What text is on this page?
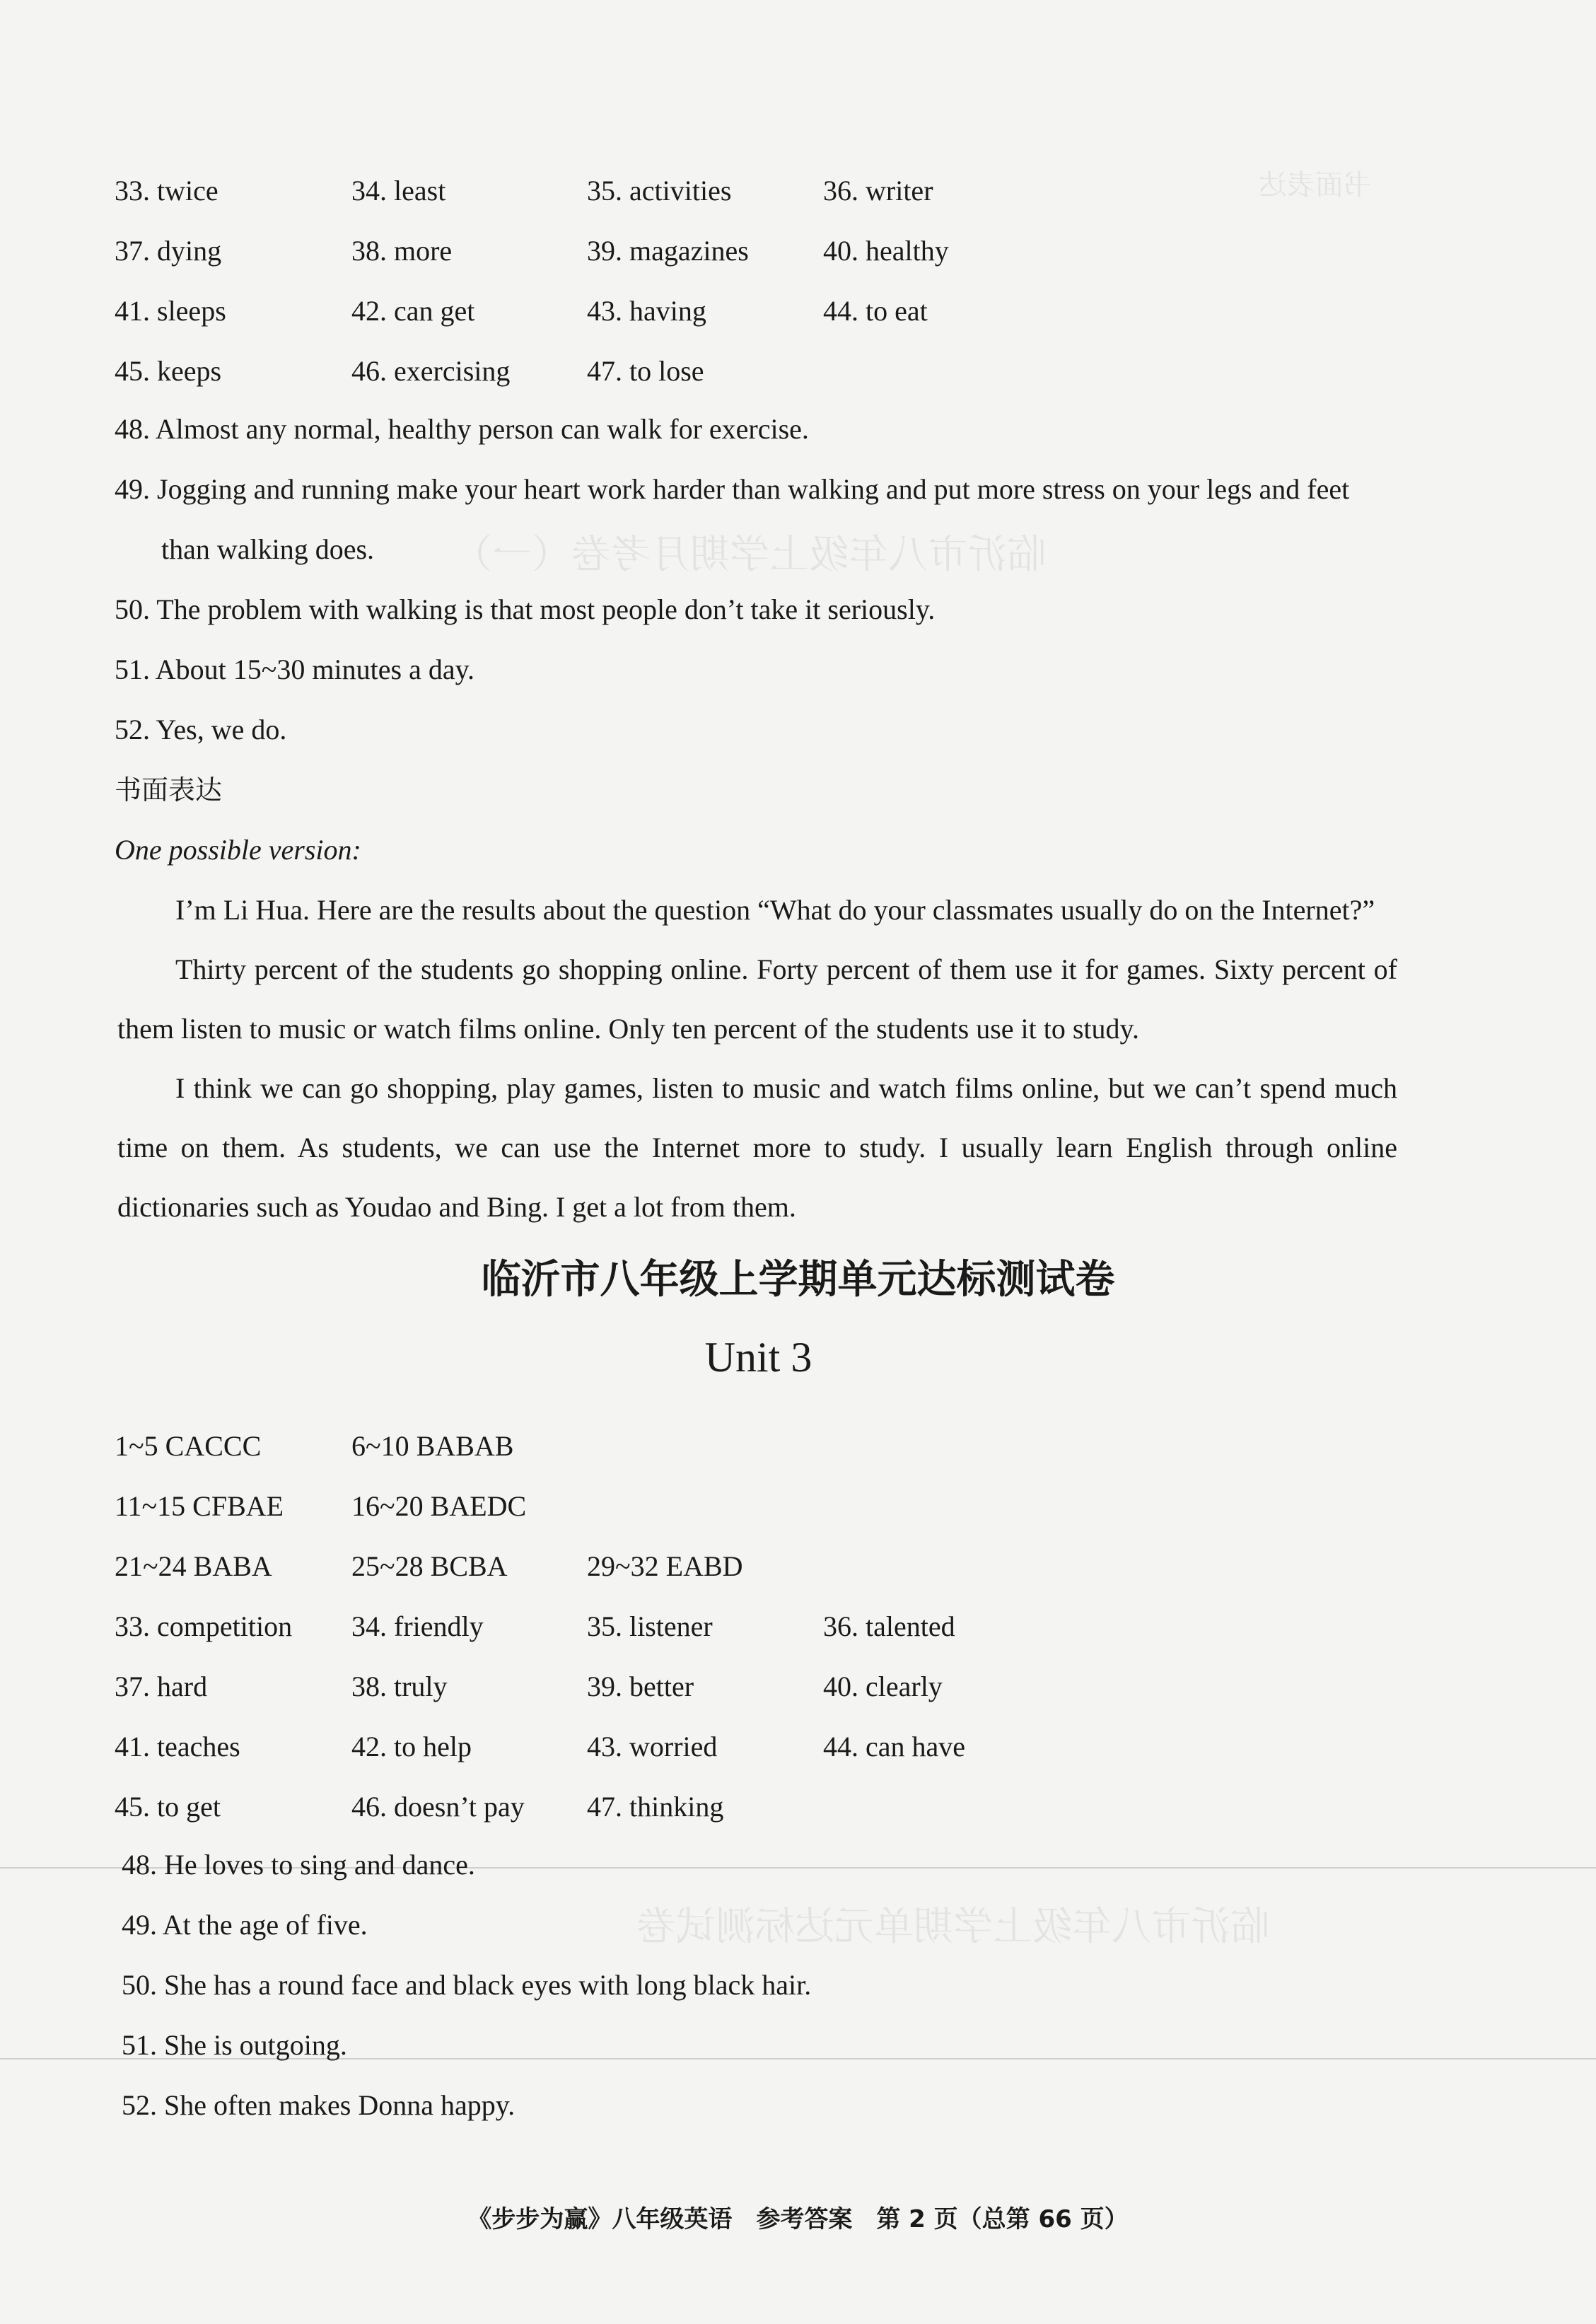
书面表达
临沂市八年级上学期月考卷（一）
临沂市八年级上学期单元达标测试卷
33. twice	34. least	35. activities	36. writer
37. dying	38. more	39. magazines	40. healthy
41. sleeps	42. can get	43. having	44. to eat
45. keeps	46. exercising	47. to lose
48. Almost any normal, healthy person can walk for exercise.
49. Jogging and running make your heart work harder than walking and put more stress on your legs and feet
than walking does.
50. The problem with walking is that most people don’t take it seriously.
51. About 15~30 minutes a day.
52. Yes, we do.
书面表达
One possible version:

I’m Li Hua. Here are the results about the question “What do your classmates usually do on the Internet?”

Thirty percent of the students go shopping online. Forty percent of them use it for games. Sixty percent of them listen to music or watch films online. Only ten percent of the students use it to study.

I think we can go shopping, play games, listen to music and watch films online, but we can’t spend much time on them. As students, we can use the Internet more to study. I usually learn English through online dictionaries such as Youdao and Bing. I get a lot from them.

临沂市八年级上学期单元达标测试卷
Unit 3
1~5 CACCC	6~10 BABAB
11~15 CFBAE 16~20 BAEDC
21~24 BABA	25~28 BCBA	29~32 EABD
33. competition 34. friendly	35. listener	36. talented
37. hard	38. truly	39. better	40. clearly
41. teaches	42. to help	43. worried	44. can have
45. to get	46. doesn’t pay 47. thinking
48. He loves to sing and dance.
49. At the age of five.
50. She has a round face and black eyes with long black hair.
51. She is outgoing.
52. She often makes Donna happy.
《步步为赢》八年级英语　参考答案　第 2 页（总第 66 页）
